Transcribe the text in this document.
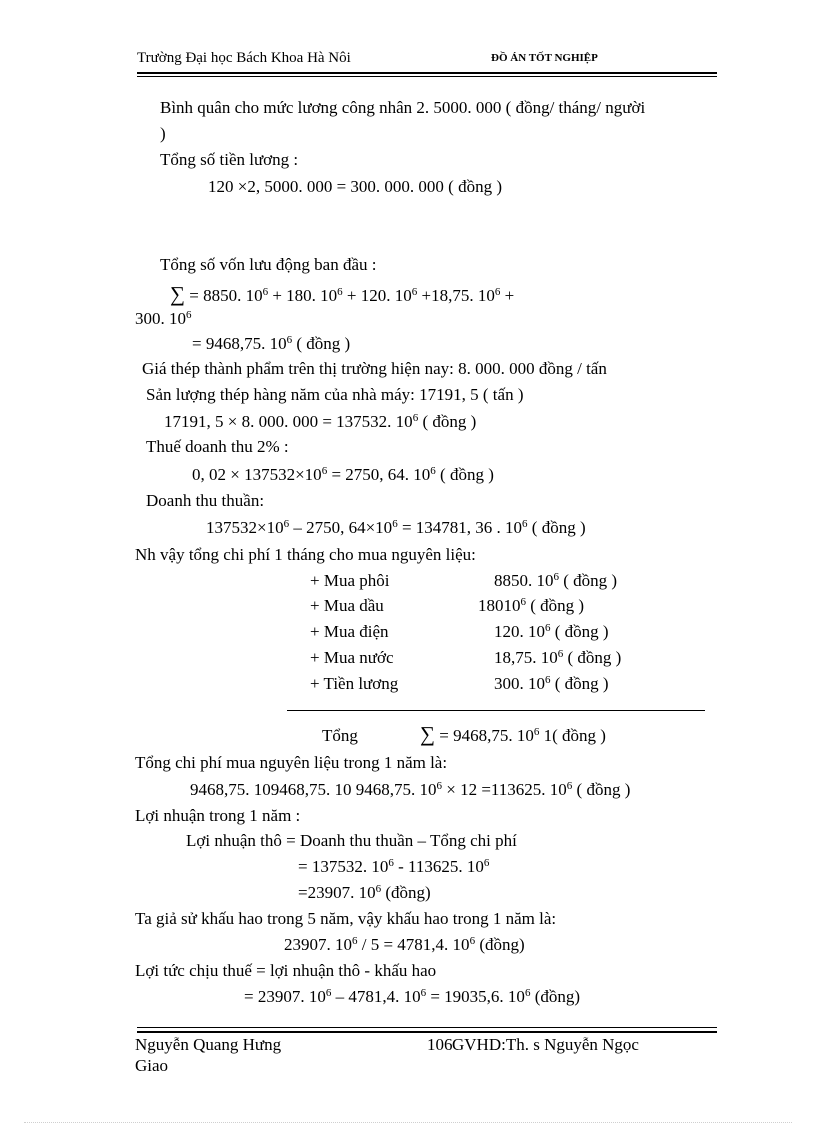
Trường Đại học Bách Khoa Hà Nôi	ĐỒ ÁN TỐT NGHIỆP
Bình quân cho mức lương công nhân 2. 5000. 000 ( đồng/ tháng/ người
)
Tổng số tiền lương :
120 ×2, 5000. 000 = 300. 000. 000 ( đồng )
Tổng số vốn lưu động ban đầu :
∑ = 8850. $10^6 + 180$. $10^6 + 120$. $10^6 +18,75$. $10^6$ +
300. $10^6$
= 9468,75. $10^6$ ( đồng )
Giá thép thành phẩm trên thị trường hiện nay: 8. 000. 000 đồng / tấn
Sản lượng thép hàng năm của nhà máy: 17191, 5 ( tấn )
17191, 5 × 8. 000. 000 = 137532. $10^6$ ( đồng )
Thuế doanh thu 2% :
0, $02 \times 137532\times 10^6 = 2750$, 64. $10^6$ ( đồng )
Doanh thu thuần:
$137532\times 10^6 - 2750$, $64\times 10^6 = 134781$, 36 . $10^6$ ( đồng )
Nh vậy tổng chi phí 1 tháng cho mua nguyên liệu:
+ Mua phôi	8850. $10^6$ ( đồng )
+ Mua dầu	18010$^6$ ( đồng )
+ Mua điện	120. $10^6$ ( đồng )
+ Mua nước	18,75. $10^6$ ( đồng )
+ Tiền lương	300. $10^6$ ( đồng )
Tổng	∑ = 9468,75. $10^6$ 1( đồng )
Tổng chi phí mua nguyên liệu trong 1 năm là:
9468,75. 109468,75. 10 9468,75. $10^6 \times 12 =113625$. $10^6$ ( đồng )
Lợi nhuận trong 1 năm :
Lợi nhuận thô = Doanh thu thuần – Tổng chi phí
= 137532. $10^6 - 113625$. $10^6$
=23907. $10^6$ (đồng)
Ta giả sử khấu hao trong 5 năm, vậy khấu hao trong 1 năm là:
23907. $10^6 / 5 = 4781,4$. $10^6$ (đồng)
Lợi tức chịu thuế = lợi nhuận thô - khấu hao
= 23907. $10^6 - 4781,4$. $10^6 = 19035,6$. $10^6$ (đồng)
Nguyễn Quang Hưng	106 GVHD:Th. s Nguyễn Ngọc
Giao
